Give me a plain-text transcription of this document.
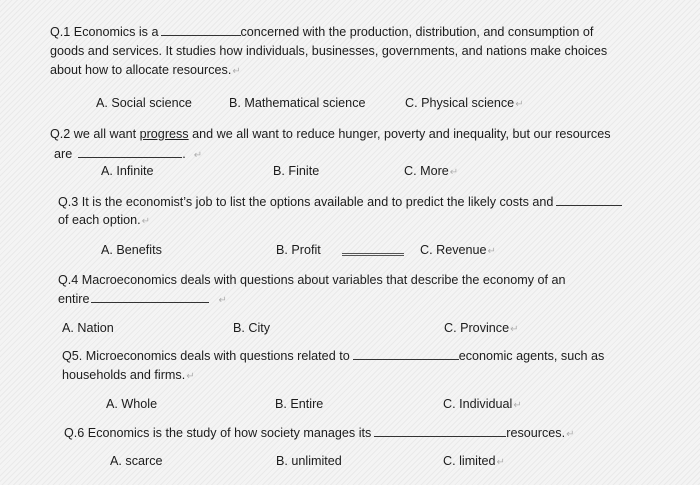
Q.1 Economics is a	concerned with the production, distribution, and consumption of
goods and services. It studies how individuals, businesses, governments, and nations make choices
about how to allocate resources.↵
A. Social science	B. Mathematical science	C. Physical science↵
Q.2 we all want progress and we all want to reduce hunger, poverty and inequality, but our resources
are	. ↵
A. Infinite	B. Finite	C. More↵
Q.3 It is the economist’s job to list the options available and to predict the likely costs and
of each option.↵
A. Benefits	B. Profit	C. Revenue↵
Q.4 Macroeconomics deals with questions about variables that describe the economy of an
entire	↵
A. Nation	B. City	C. Province↵
Q5. Microeconomics deals with questions related to	economic agents, such as
households and firms.↵
A. Whole	B. Entire	C. Individual↵
Q.6 Economics is the study of how society manages its	resources.↵
A. scarce	B. unlimited	C. limited↵
